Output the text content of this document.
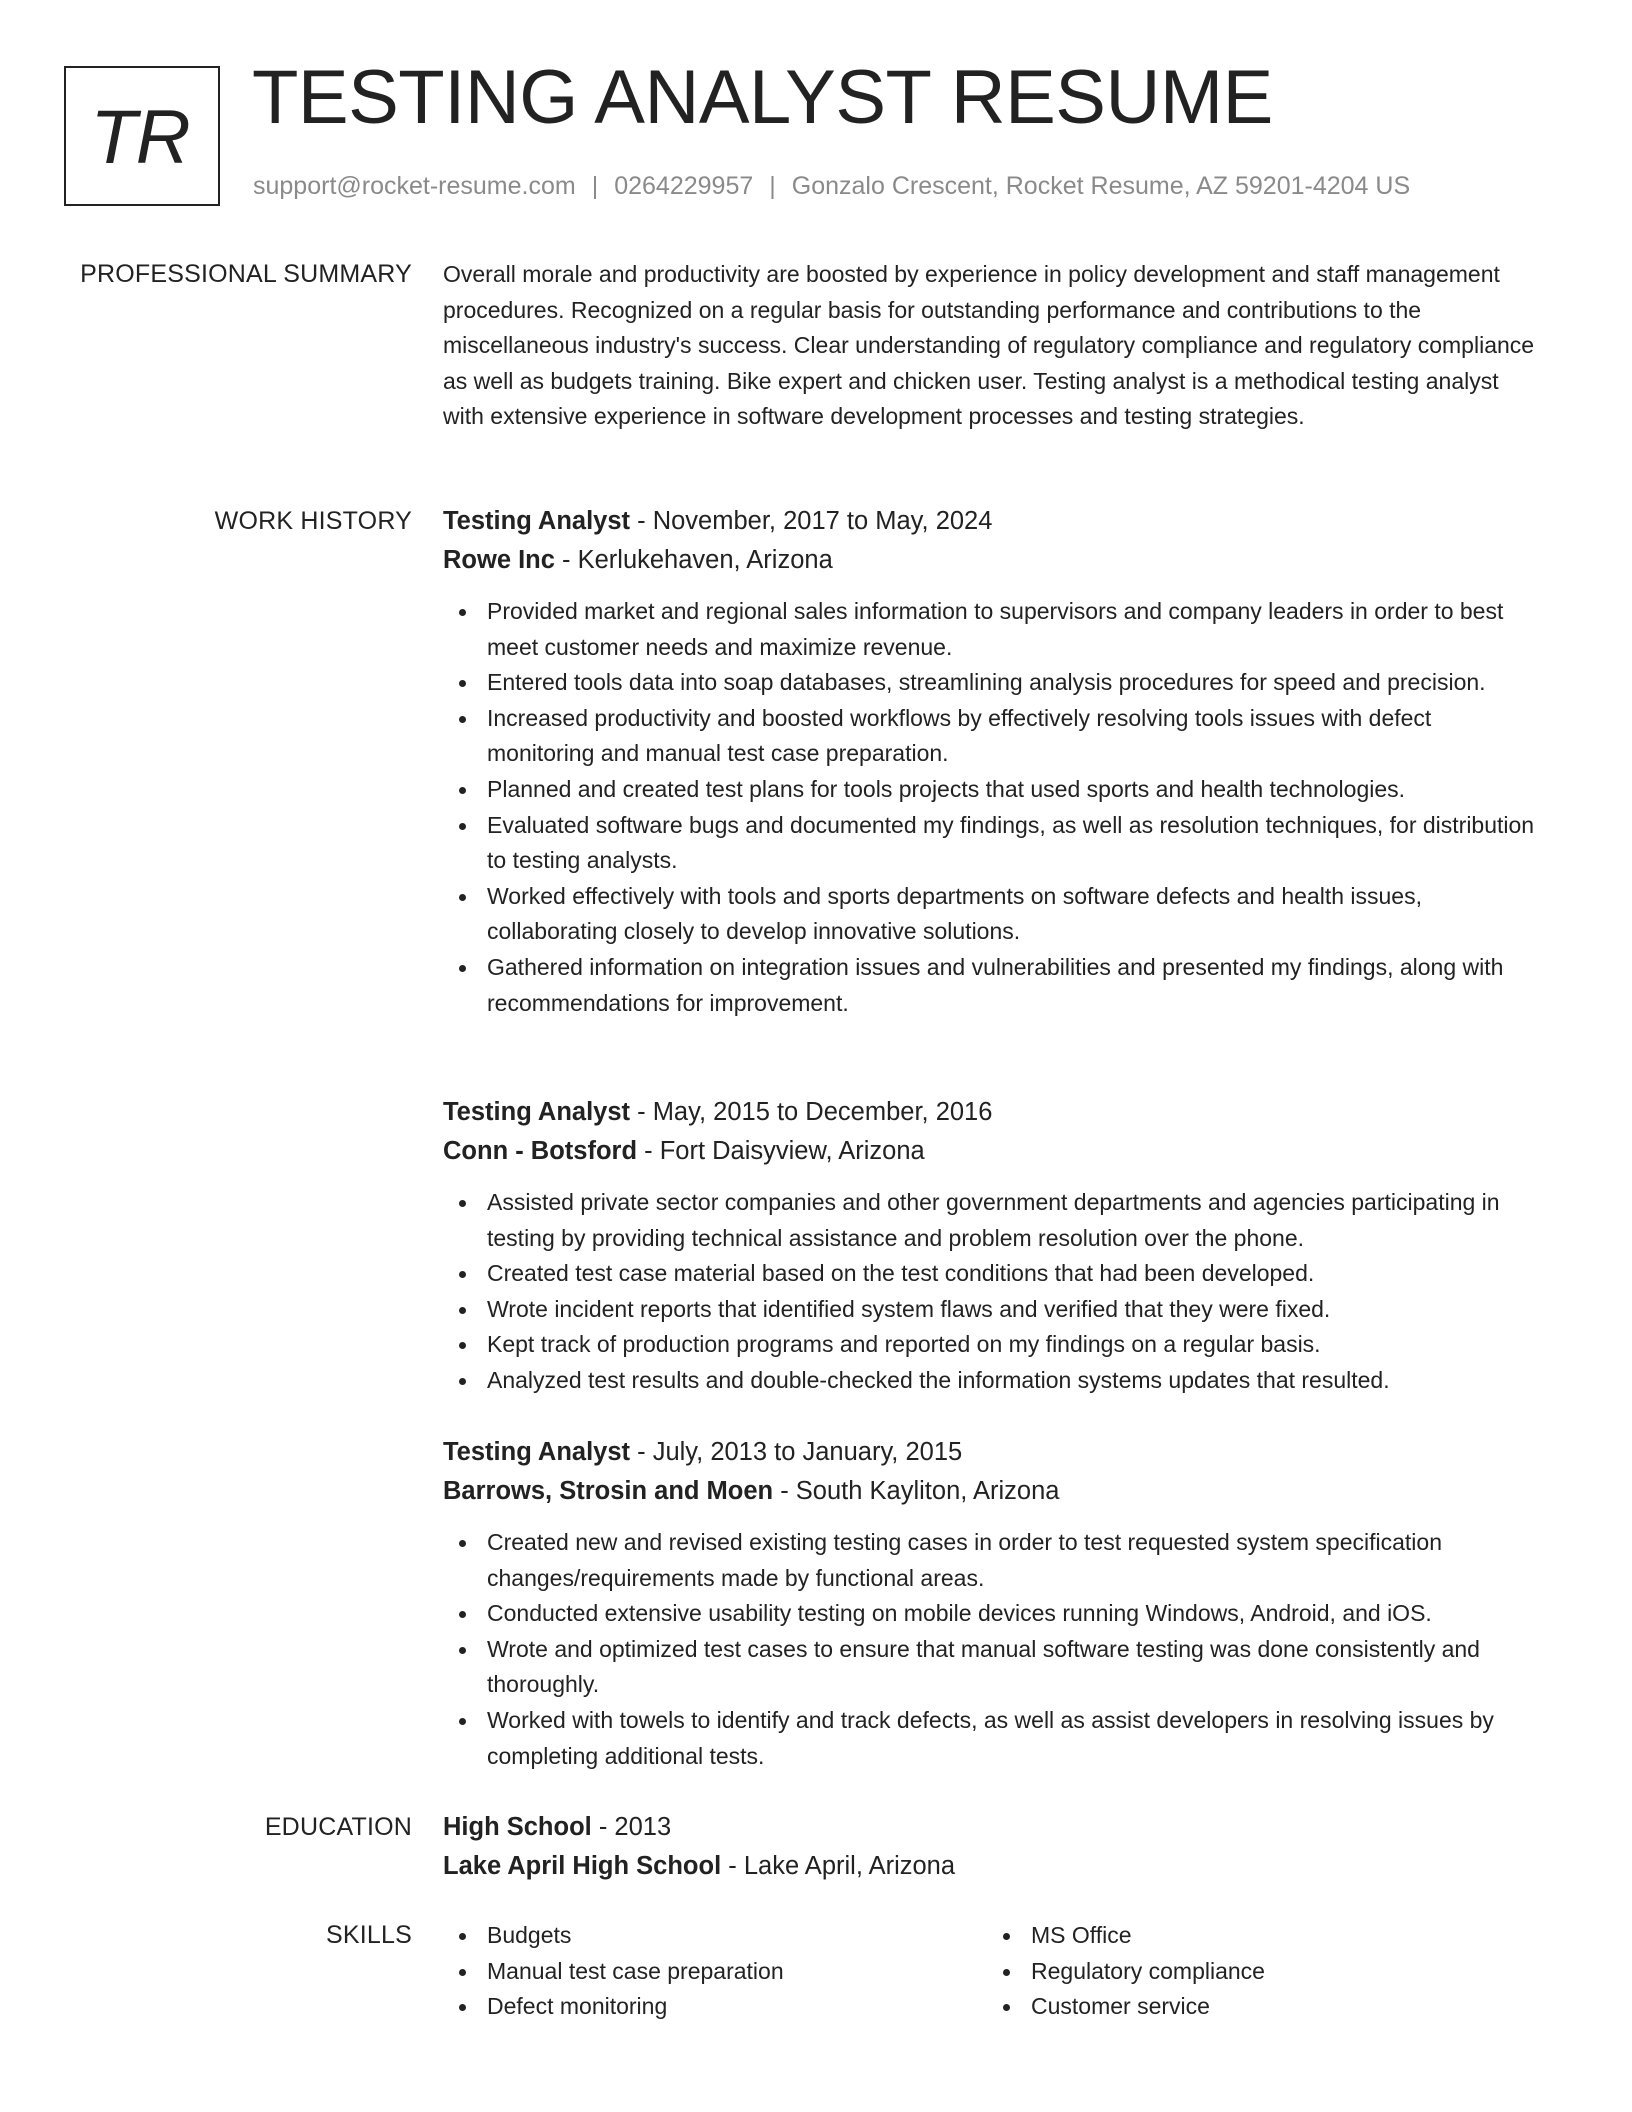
TR TESTING ANALYST RESUME
support@rocket-resume.com | 0264229957 | Gonzalo Crescent, Rocket Resume, AZ 59201-4204 US
PROFESSIONAL SUMMARY Overall morale and productivity are boosted by experience in policy development and staff management procedures. Recognized on a regular basis for outstanding performance and contributions to the miscellaneous industry's success. Clear understanding of regulatory compliance and regulatory compliance as well as budgets training. Bike expert and chicken user. Testing analyst is a methodical testing analyst with extensive experience in software development processes and testing strategies.

WORK HISTORY Testing Analyst - November, 2017 to May, 2024
Rowe Inc - Kerlukehaven, Arizona
Provided market and regional sales information to supervisors and company leaders in order to best meet customer needs and maximize revenue.
Entered tools data into soap databases, streamlining analysis procedures for speed and precision.
Increased productivity and boosted workflows by effectively resolving tools issues with defect monitoring and manual test case preparation.
Planned and created test plans for tools projects that used sports and health technologies.
Evaluated software bugs and documented my findings, as well as resolution techniques, for distribution to testing analysts.
Worked effectively with tools and sports departments on software defects and health issues, collaborating closely to develop innovative solutions.
Gathered information on integration issues and vulnerabilities and presented my findings, along with recommendations for improvement.
Testing Analyst - May, 2015 to December, 2016
Conn - Botsford - Fort Daisyview, Arizona
Assisted private sector companies and other government departments and agencies participating in testing by providing technical assistance and problem resolution over the phone.
Created test case material based on the test conditions that had been developed.
Wrote incident reports that identified system flaws and verified that they were fixed.
Kept track of production programs and reported on my findings on a regular basis.
Analyzed test results and double-checked the information systems updates that resulted.
Testing Analyst - July, 2013 to January, 2015
Barrows, Strosin and Moen - South Kayliton, Arizona
Created new and revised existing testing cases in order to test requested system specification changes/requirements made by functional areas.
Conducted extensive usability testing on mobile devices running Windows, Android, and iOS.
Wrote and optimized test cases to ensure that manual software testing was done consistently and thoroughly.
Worked with towels to identify and track defects, as well as assist developers in resolving issues by completing additional tests.
EDUCATION High School - 2013
Lake April High School - Lake April, Arizona
SKILLS	Budgets
Manual test case preparation
Defect monitoring
MS Office
Regulatory compliance
Customer service
